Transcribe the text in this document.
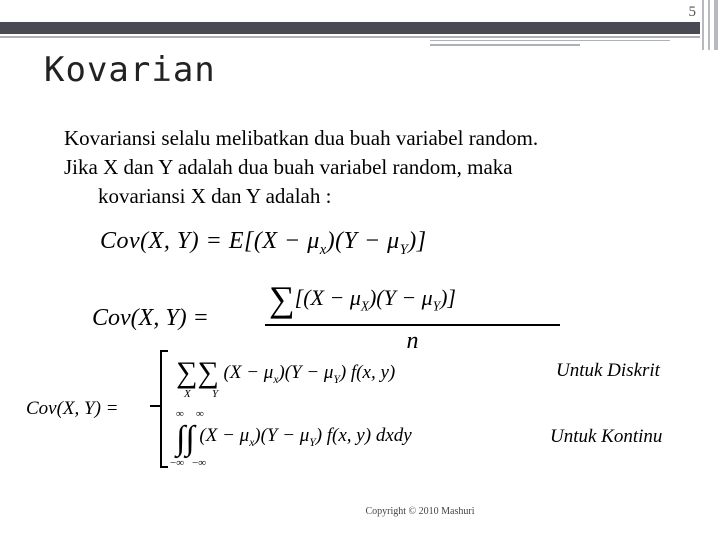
5
Kovarian
Kovariansi selalu melibatkan dua buah variabel random.
Jika X dan Y adalah dua buah variabel random, maka
kovariansi X dan Y adalah :
Cov(X, $Y) = E[(X - \mu_x)(Y - \mu_Y)]$
Cov(X, $Y) = \sum[(X - \mu_X)(Y - \mu_Y)]$
n
Cov(X, Y) =
∑∑ $(X - \mu_x)(Y - \mu_Y)$ f(x, y)
X Y
∫∫ $(X - \mu_x)(Y - \mu_Y)$ f(x, y) dxdy
∞ ∞
−∞ −∞
Untuk Diskrit
Untuk Kontinu
Copyright © 2010 Mashuri
